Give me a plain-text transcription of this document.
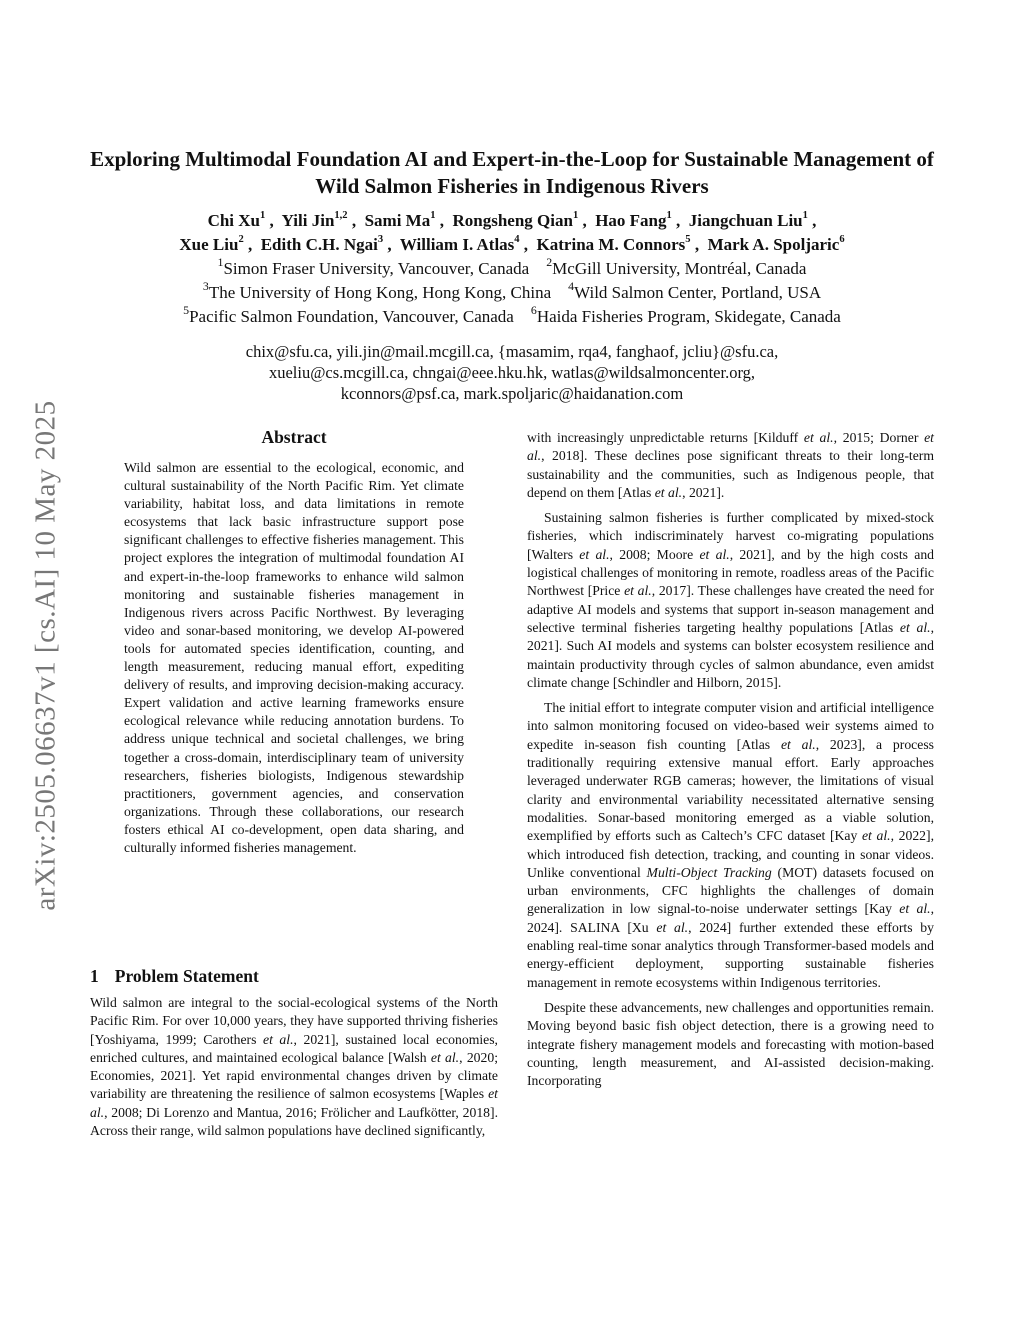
arXiv:2505.06637v1 [cs.AI] 10 May 2025
Exploring Multimodal Foundation AI and Expert-in-the-Loop for Sustainable Management of Wild Salmon Fisheries in Indigenous Rivers
Chi Xu$^1$ ,  Yili Jin$^{1,2}$ ,  Sami Ma$^1$ ,  Rongsheng Qian$^1$ ,  Hao Fang$^1$ ,  Jiangchuan Liu$^1$ ,
Xue Liu$^2$ ,  Edith C.H. Ngai$^3$ ,  William I. Atlas$^4$ ,  Katrina M. Connors$^5$ ,  Mark A. Spoljaric$^6$
$^1$Simon Fraser University, Vancouver, Canada $^2$McGill University, Montréal, Canada
$^3$The University of Hong Kong, Hong Kong, China $^4$Wild Salmon Center, Portland, USA
$^5$Pacific Salmon Foundation, Vancouver, Canada $^6$Haida Fisheries Program, Skidegate, Canada
chix@sfu.ca, yili.jin@mail.mcgill.ca, {masamim, rqa4, fanghaof, jcliu}@sfu.ca,
xueliu@cs.mcgill.ca, chngai@eee.hku.hk, watlas@wildsalmoncenter.org,
kconnors@psf.ca, mark.spoljaric@haidanation.com
Abstract

Wild salmon are essential to the ecological, economic, and cultural sustainability of the North Pacific Rim. Yet climate variability, habitat loss, and data limitations in remote ecosystems that lack basic infrastructure support pose significant challenges to effective fisheries management. This project explores the integration of multimodal foundation AI and expert-in-the-loop frameworks to enhance wild salmon monitoring and sustainable fisheries management in Indigenous rivers across Pacific Northwest. By leveraging video and sonar-based monitoring, we develop AI-powered tools for automated species identification, counting, and length measurement, reducing manual effort, expediting delivery of results, and improving decision-making accuracy. Expert validation and active learning frameworks ensure ecological relevance while reducing annotation burdens. To address unique technical and societal challenges, we bring together a cross-domain, interdisciplinary team of university researchers, fisheries biologists, Indigenous stewardship practitioners, government agencies, and conservation organizations. Through these collaborations, our research fosters ethical AI co-development, open data sharing, and culturally informed fisheries management.

1 Problem Statement

Wild salmon are integral to the social-ecological systems of the North Pacific Rim. For over 10,000 years, they have supported thriving fisheries [Yoshiyama, 1999; Carothers et al., 2021], sustained local economies, enriched cultures, and maintained ecological balance [Walsh et al., 2020; Economies, 2021]. Yet rapid environmental changes driven by climate variability are threatening the resilience of salmon ecosystems [Waples et al., 2008; Di Lorenzo and Mantua, 2016; Frölicher and Laufkötter, 2018]. Across their range, wild salmon populations have declined significantly,

with increasingly unpredictable returns [Kilduff et al., 2015; Dorner et al., 2018]. These declines pose significant threats to their long-term sustainability and the communities, such as Indigenous people, that depend on them [Atlas et al., 2021].

Sustaining salmon fisheries is further complicated by mixed-stock fisheries, which indiscriminately harvest co-migrating populations [Walters et al., 2008; Moore et al., 2021], and by the high costs and logistical challenges of monitoring in remote, roadless areas of the Pacific Northwest [Price et al., 2017]. These challenges have created the need for adaptive AI models and systems that support in-season management and selective terminal fisheries targeting healthy populations [Atlas et al., 2021]. Such AI models and systems can bolster ecosystem resilience and maintain productivity through cycles of salmon abundance, even amidst climate change [Schindler and Hilborn, 2015].

The initial effort to integrate computer vision and artificial intelligence into salmon monitoring focused on video-based weir systems aimed to expedite in-season fish counting [Atlas et al., 2023], a process traditionally requiring extensive manual effort. Early approaches leveraged underwater RGB cameras; however, the limitations of visual clarity and environmental variability necessitated alternative sensing modalities. Sonar-based monitoring emerged as a viable solution, exemplified by efforts such as Caltech’s CFC dataset [Kay et al., 2022], which introduced fish detection, tracking, and counting in sonar videos. Unlike conventional Multi-Object Tracking (MOT) datasets focused on urban environments, CFC highlights the challenges of domain generalization in low signal-to-noise underwater settings [Kay et al., 2024]. SALINA [Xu et al., 2024] further extended these efforts by enabling real-time sonar analytics through Transformer-based models and energy-efficient deployment, supporting sustainable fisheries management in remote ecosystems within Indigenous territories.

Despite these advancements, new challenges and opportunities remain. Moving beyond basic fish object detection, there is a growing need to integrate fishery management models and forecasting with motion-based counting, length measurement, and AI-assisted decision-making. Incorporating
